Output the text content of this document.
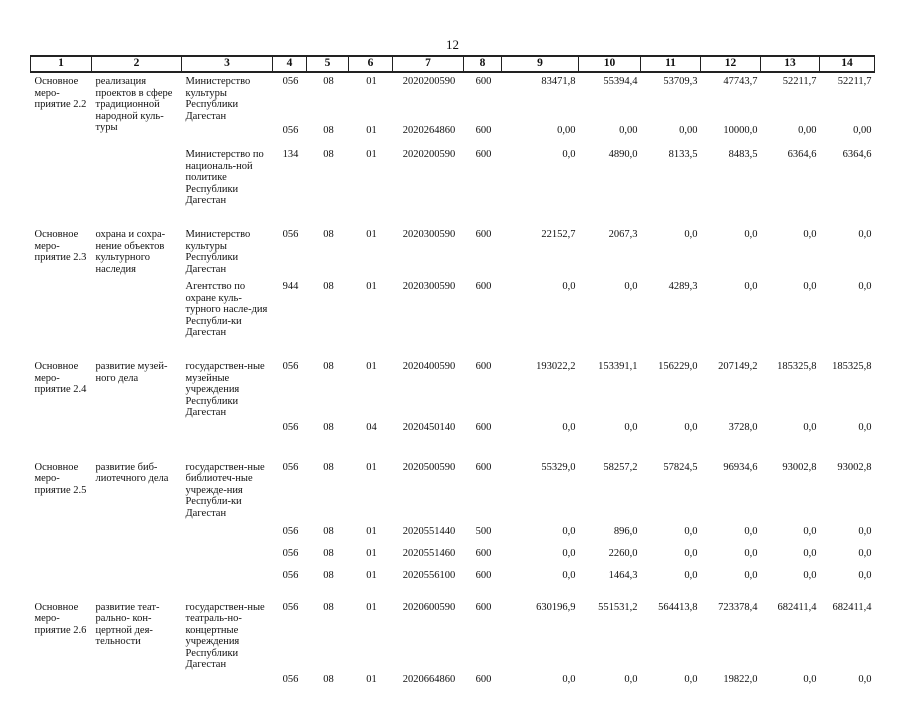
12
1	2	3	4	5	6	7	8	9	10	11	12	13	14
Основное меро-приятие 2.2	реализация проектов в сфере традиционной народной куль-туры	Министерство культуры Республики Дагестан	056	08	01	2020200590	600	83471,8	55394,4	53709,3	47743,7	52211,7	52211,7
			056	08	01	2020264860	600	0,00	0,00	0,00	10000,0	0,00	0,00
		Министерство по националь-ной политике Республики Дагестан	134	08	01	2020200590	600	0,0	4890,0	8133,5	8483,5	6364,6	6364,6

Основное меро-приятие 2.3	охрана и сохра-нение объектов культурного наследия	Министерство культуры Республики Дагестан	056	08	01	2020300590	600	22152,7	2067,3	0,0	0,0	0,0	0,0
		Агентство по охране куль-турного насле-дия Республи-ки Дагестан	944	08	01	2020300590	600	0,0	0,0	4289,3	0,0	0,0	0,0

Основное меро-приятие 2.4	развитие музей-ного дела	государствен-ные музейные учреждения Республики Дагестан	056	08	01	2020400590	600	193022,2	153391,1	156229,0	207149,2	185325,8	185325,8
			056	08	04	2020450140	600	0,0	0,0	0,0	3728,0	0,0	0,0

Основное меро-приятие 2.5	развитие биб-лиотечного дела	государствен-ные библиотеч-ные учрежде-ния Республи-ки Дагестан	056	08	01	2020500590	600	55329,0	58257,2	57824,5	96934,6	93002,8	93002,8
			056	08	01	2020551440	500	0,0	896,0	0,0	0,0	0,0	0,0
			056	08	01	2020551460	600	0,0	2260,0	0,0	0,0	0,0	0,0
			056	08	01	2020556100	600	0,0	1464,3	0,0	0,0	0,0	0,0

Основное меро-приятие 2.6	развитие теат-рально- кон-цертной дея-тельности	государствен-ные театраль-но-концертные учреждения Республики Дагестан	056	08	01	2020600590	600	630196,9	551531,2	564413,8	723378,4	682411,4	682411,4
			056	08	01	2020664860	600	0,0	0,0	0,0	19822,0	0,0	0,0
